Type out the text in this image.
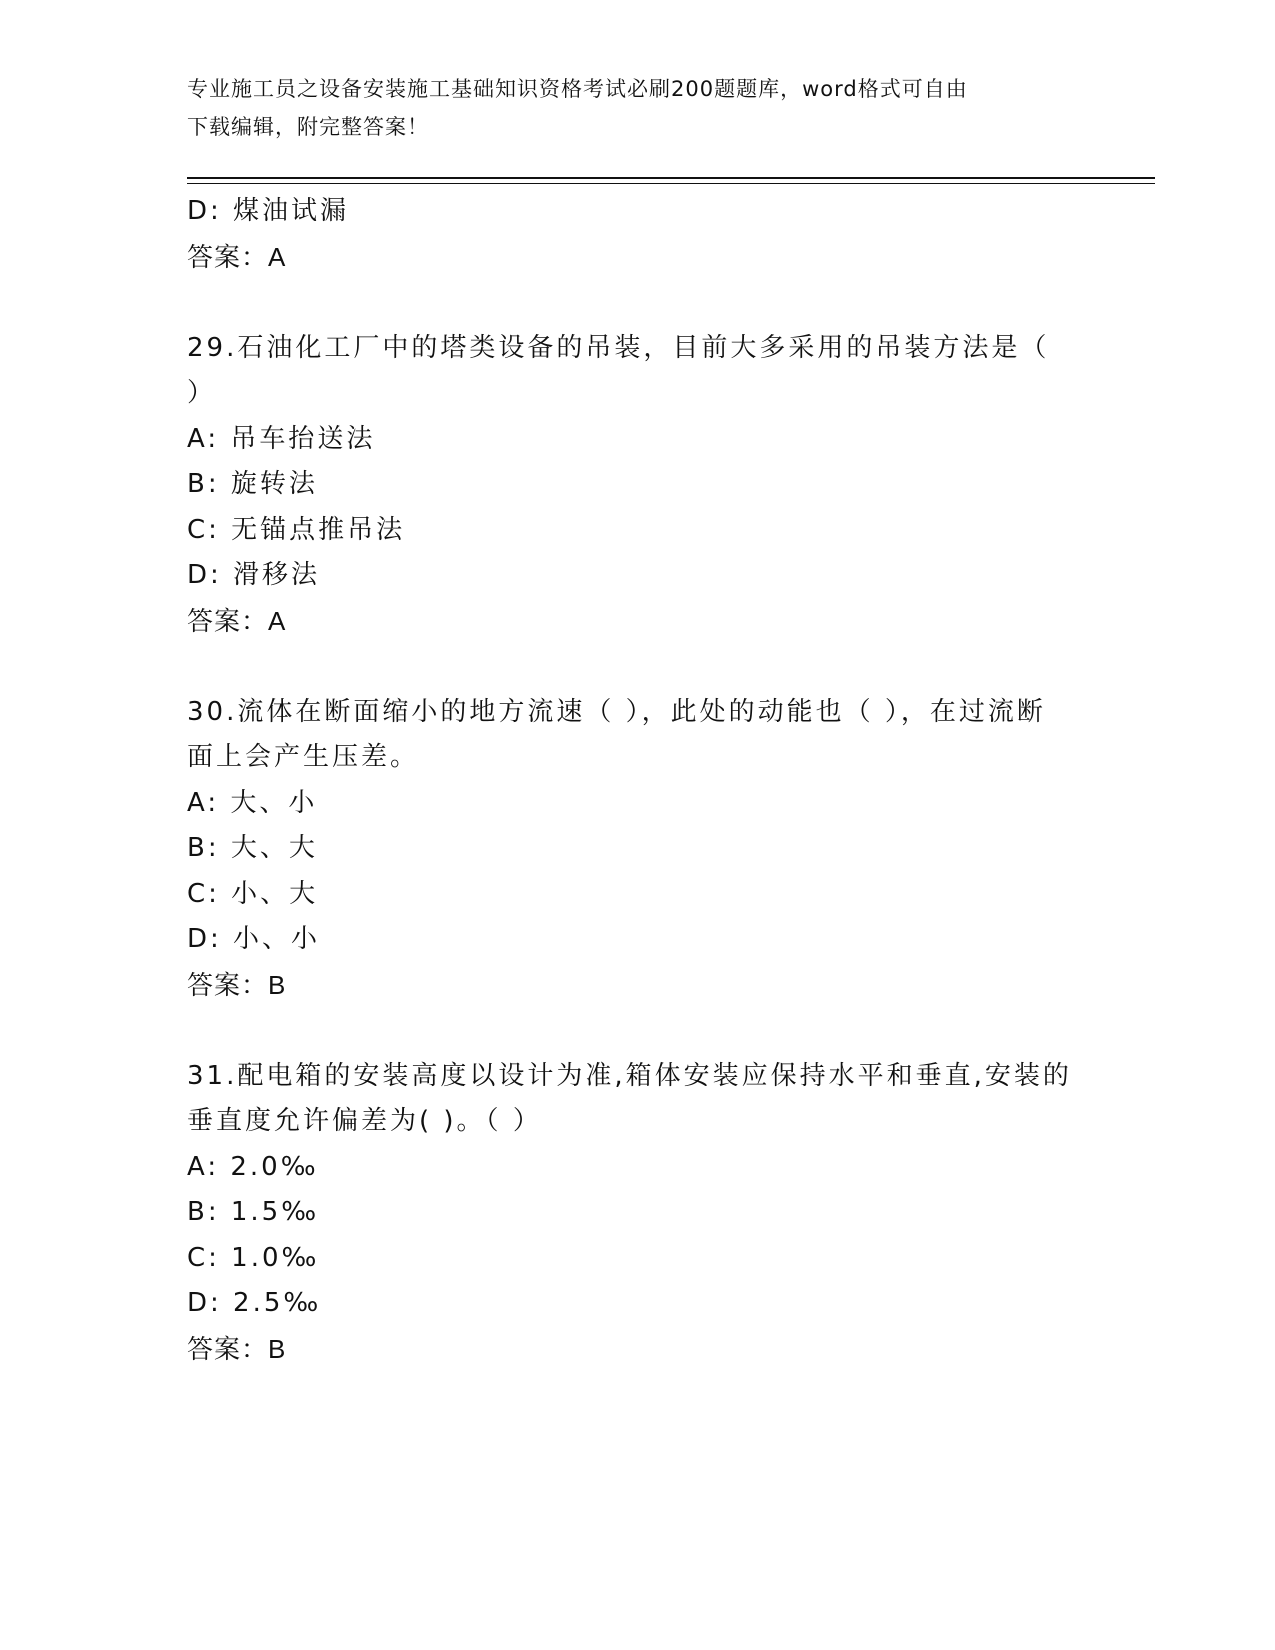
专业施工员之设备安装施工基础知识资格考试必刷200题题库，word格式可自由
下载编辑，附完整答案！
D: 煤油试漏
答案：A
29.石油化工厂中的塔类设备的吊装，目前大多采用的吊装方法是（
）
A: 吊车抬送法
B: 旋转法
C: 无锚点推吊法
D: 滑移法
答案：A
30.流体在断面缩小的地方流速（ ），此处的动能也（ ），在过流断
面上会产生压差。
A: 大、小
B: 大、大
C: 小、大
D: 小、小
答案：B
31.配电箱的安装高度以设计为准,箱体安装应保持水平和垂直,安装的
垂直度允许偏差为( )。（ ）
A: 2.0‰
B: 1.5‰
C: 1.0‰
D: 2.5‰
答案：B
